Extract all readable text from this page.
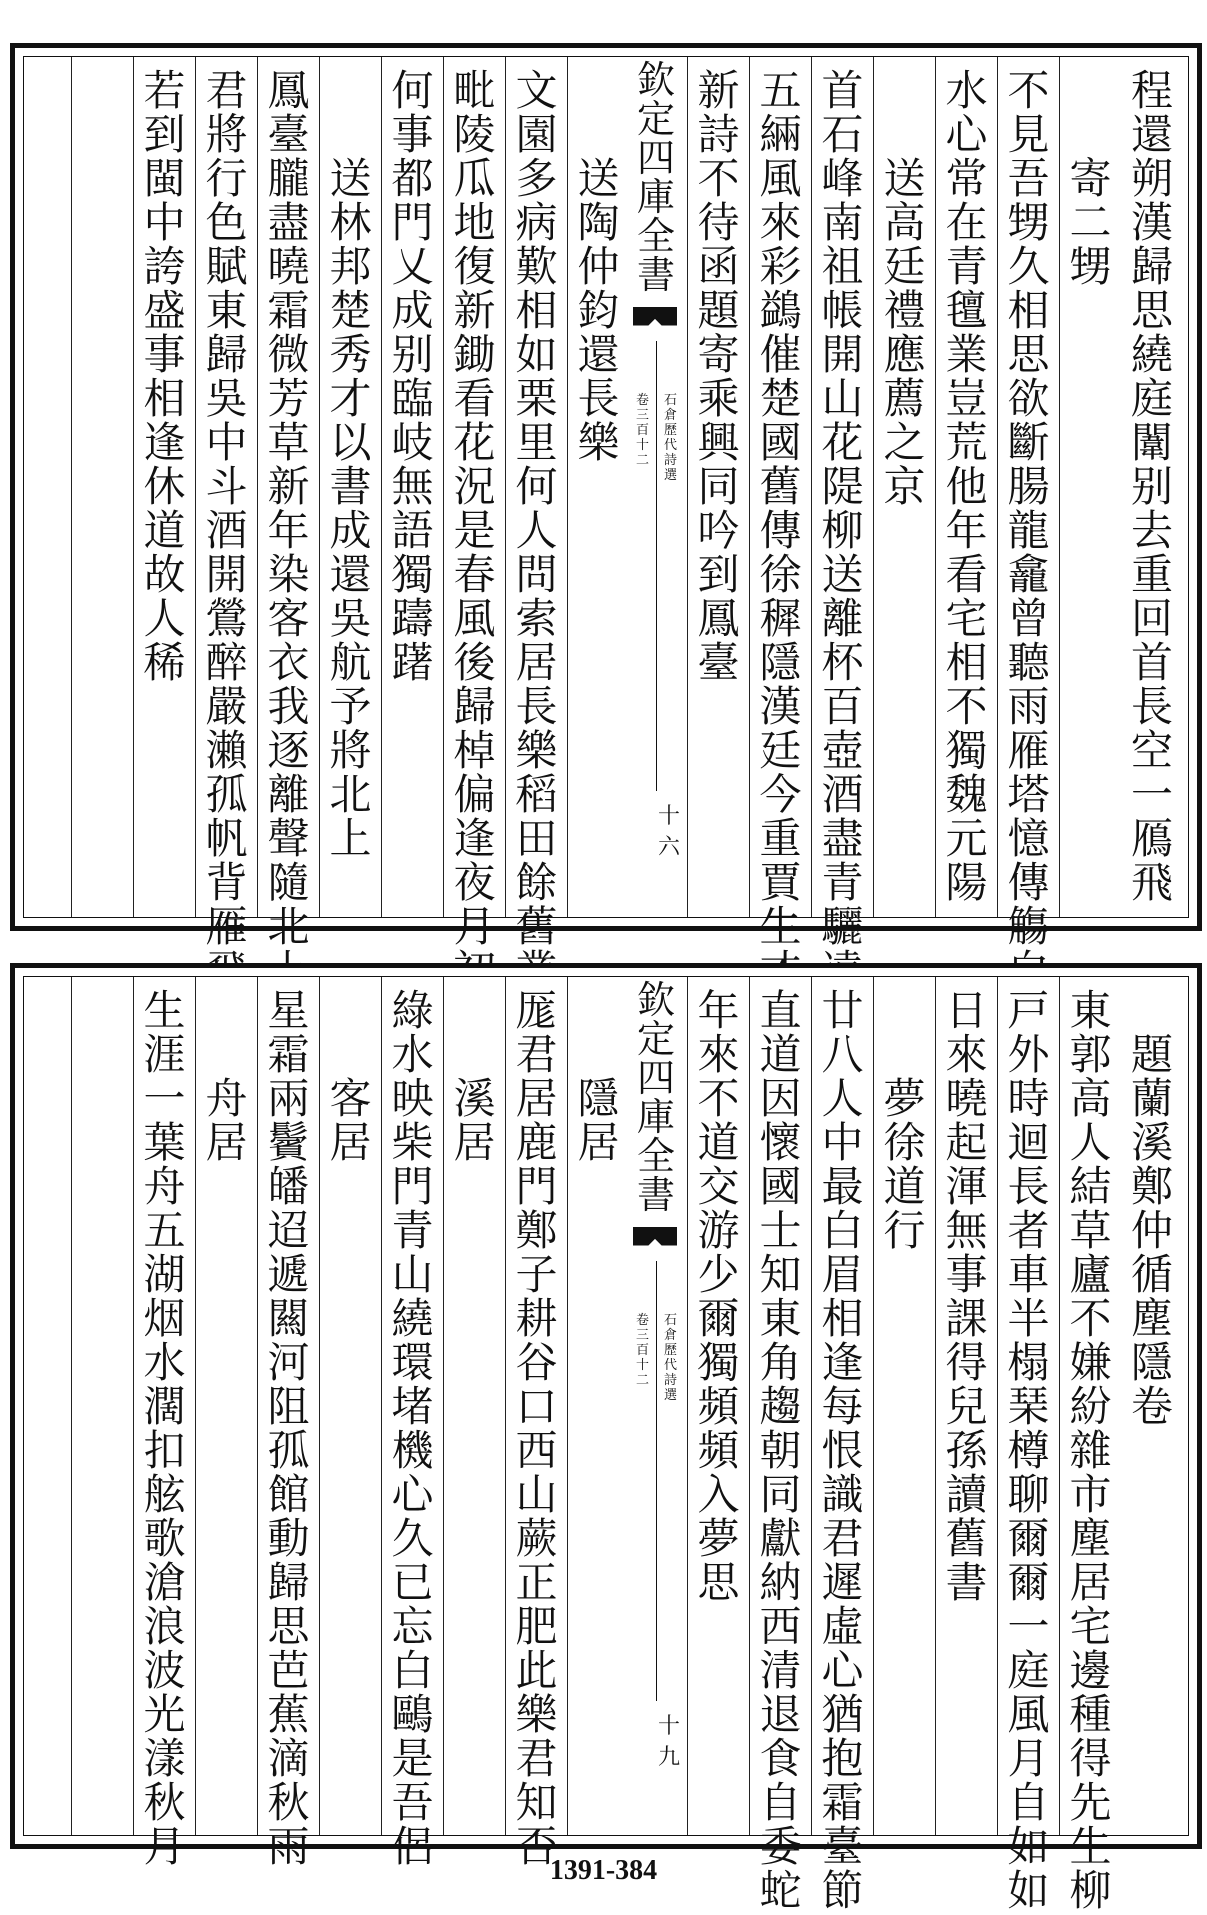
程
還
朔
漢
歸
思
繞
庭
闈
别
去
重
回
首
長
空
一
鴈
飛
寄
二
甥
不
見
吾
甥
久
相
思
欲
斷
腸
龍
龕
曾
聽
雨
雁
塔
憶
傳
觴
水
心
常
在
青
氊
業
豈
荒
他
年
看
宅
相
不
獨
魏
元
陽
送
高
廷
禮
應
薦
之
京
首
石
峰
南
祖
帳
開
山
花
隄
柳
送
離
杯
百
壺
酒
盡
青
驪
五
緉
風
來
彩
鷁
催
楚
國
舊
傳
徐
穉
隱
漢
廷
今
重
賈
生
新
詩
不
待
函
題
寄
乘
興
同
吟
到
鳳
臺
欽
定
四
庫
全
書
石
倉
歷
代
詩
選
卷
三
百
十
二
十六
送
陶
仲
鈞
還
長
樂
文
園
多
病
歎
相
如
栗
里
何
人
問
索
居
長
樂
稻
田
餘
舊
毗
陵
瓜
地
復
新
鋤
看
花
況
是
春
風
後
歸
棹
偏
逢
夜
月
何
事
都
門
乂
成
别
臨
岐
無
語
獨
躊
躇
送
林
邦
楚
秀
才
以
書
成
還
吳
航
予
將
北
上
鳳
臺
朧
盡
曉
霜
微
芳
草
新
年
染
客
衣
我
逐
離
聲
隨
北
君
將
行
色
賦
東
歸
吳
中
斗
酒
開
鶯
醉
嚴
瀨
孤
帆
背
雁
若
到
閩
中
誇
盛
事
相
逢
休
道
故
人
稀
題
蘭
溪
鄭
仲
循
塵
隱
卷
東
郭
高
人
結
草
廬
不
嫌
紛
雜
市
塵
居
宅
邊
種
得
先
生
柳
戸
外
時
迴
長
者
車
半
榻
琹
樽
聊
爾
爾
一
庭
風
月
自
如
如
日
來
曉
起
渾
無
事
課
得
兒
孫
讀
舊
書
夢
徐
道
行
廿
八
人
中
最
白
眉
相
逢
每
恨
識
君
遲
虛
心
猶
抱
霜
臺
節
直
道
因
懷
國
士
知
東
角
趨
朝
同
獻
納
西
清
退
食
自
委
蛇
年
來
不
道
交
游
少
爾
獨
頻
頻
入
夢
思
欽
定
四
庫
全
書
石
倉
歷
代
詩
選
卷
三
百
十
二
十九
隱
居
厖
君
居
鹿
門
鄭
子
耕
谷
口
西
山
蕨
正
肥
此
樂
君
知
否
溪
居
綠
水
映
柴
門
青
山
繞
環
堵
機
心
久
已
忘
白
鷗
是
吾
侶
客
居
星
霜
兩
鬢
皤
迢
遞
闗
河
阻
孤
館
動
歸
思
芭
蕉
滴
秋
雨
舟
居
生
涯
一
葉
舟
五
湖
烟
水
濶
扣
舷
歌
滄
浪
波
光
漾
秋
月	1391-384
